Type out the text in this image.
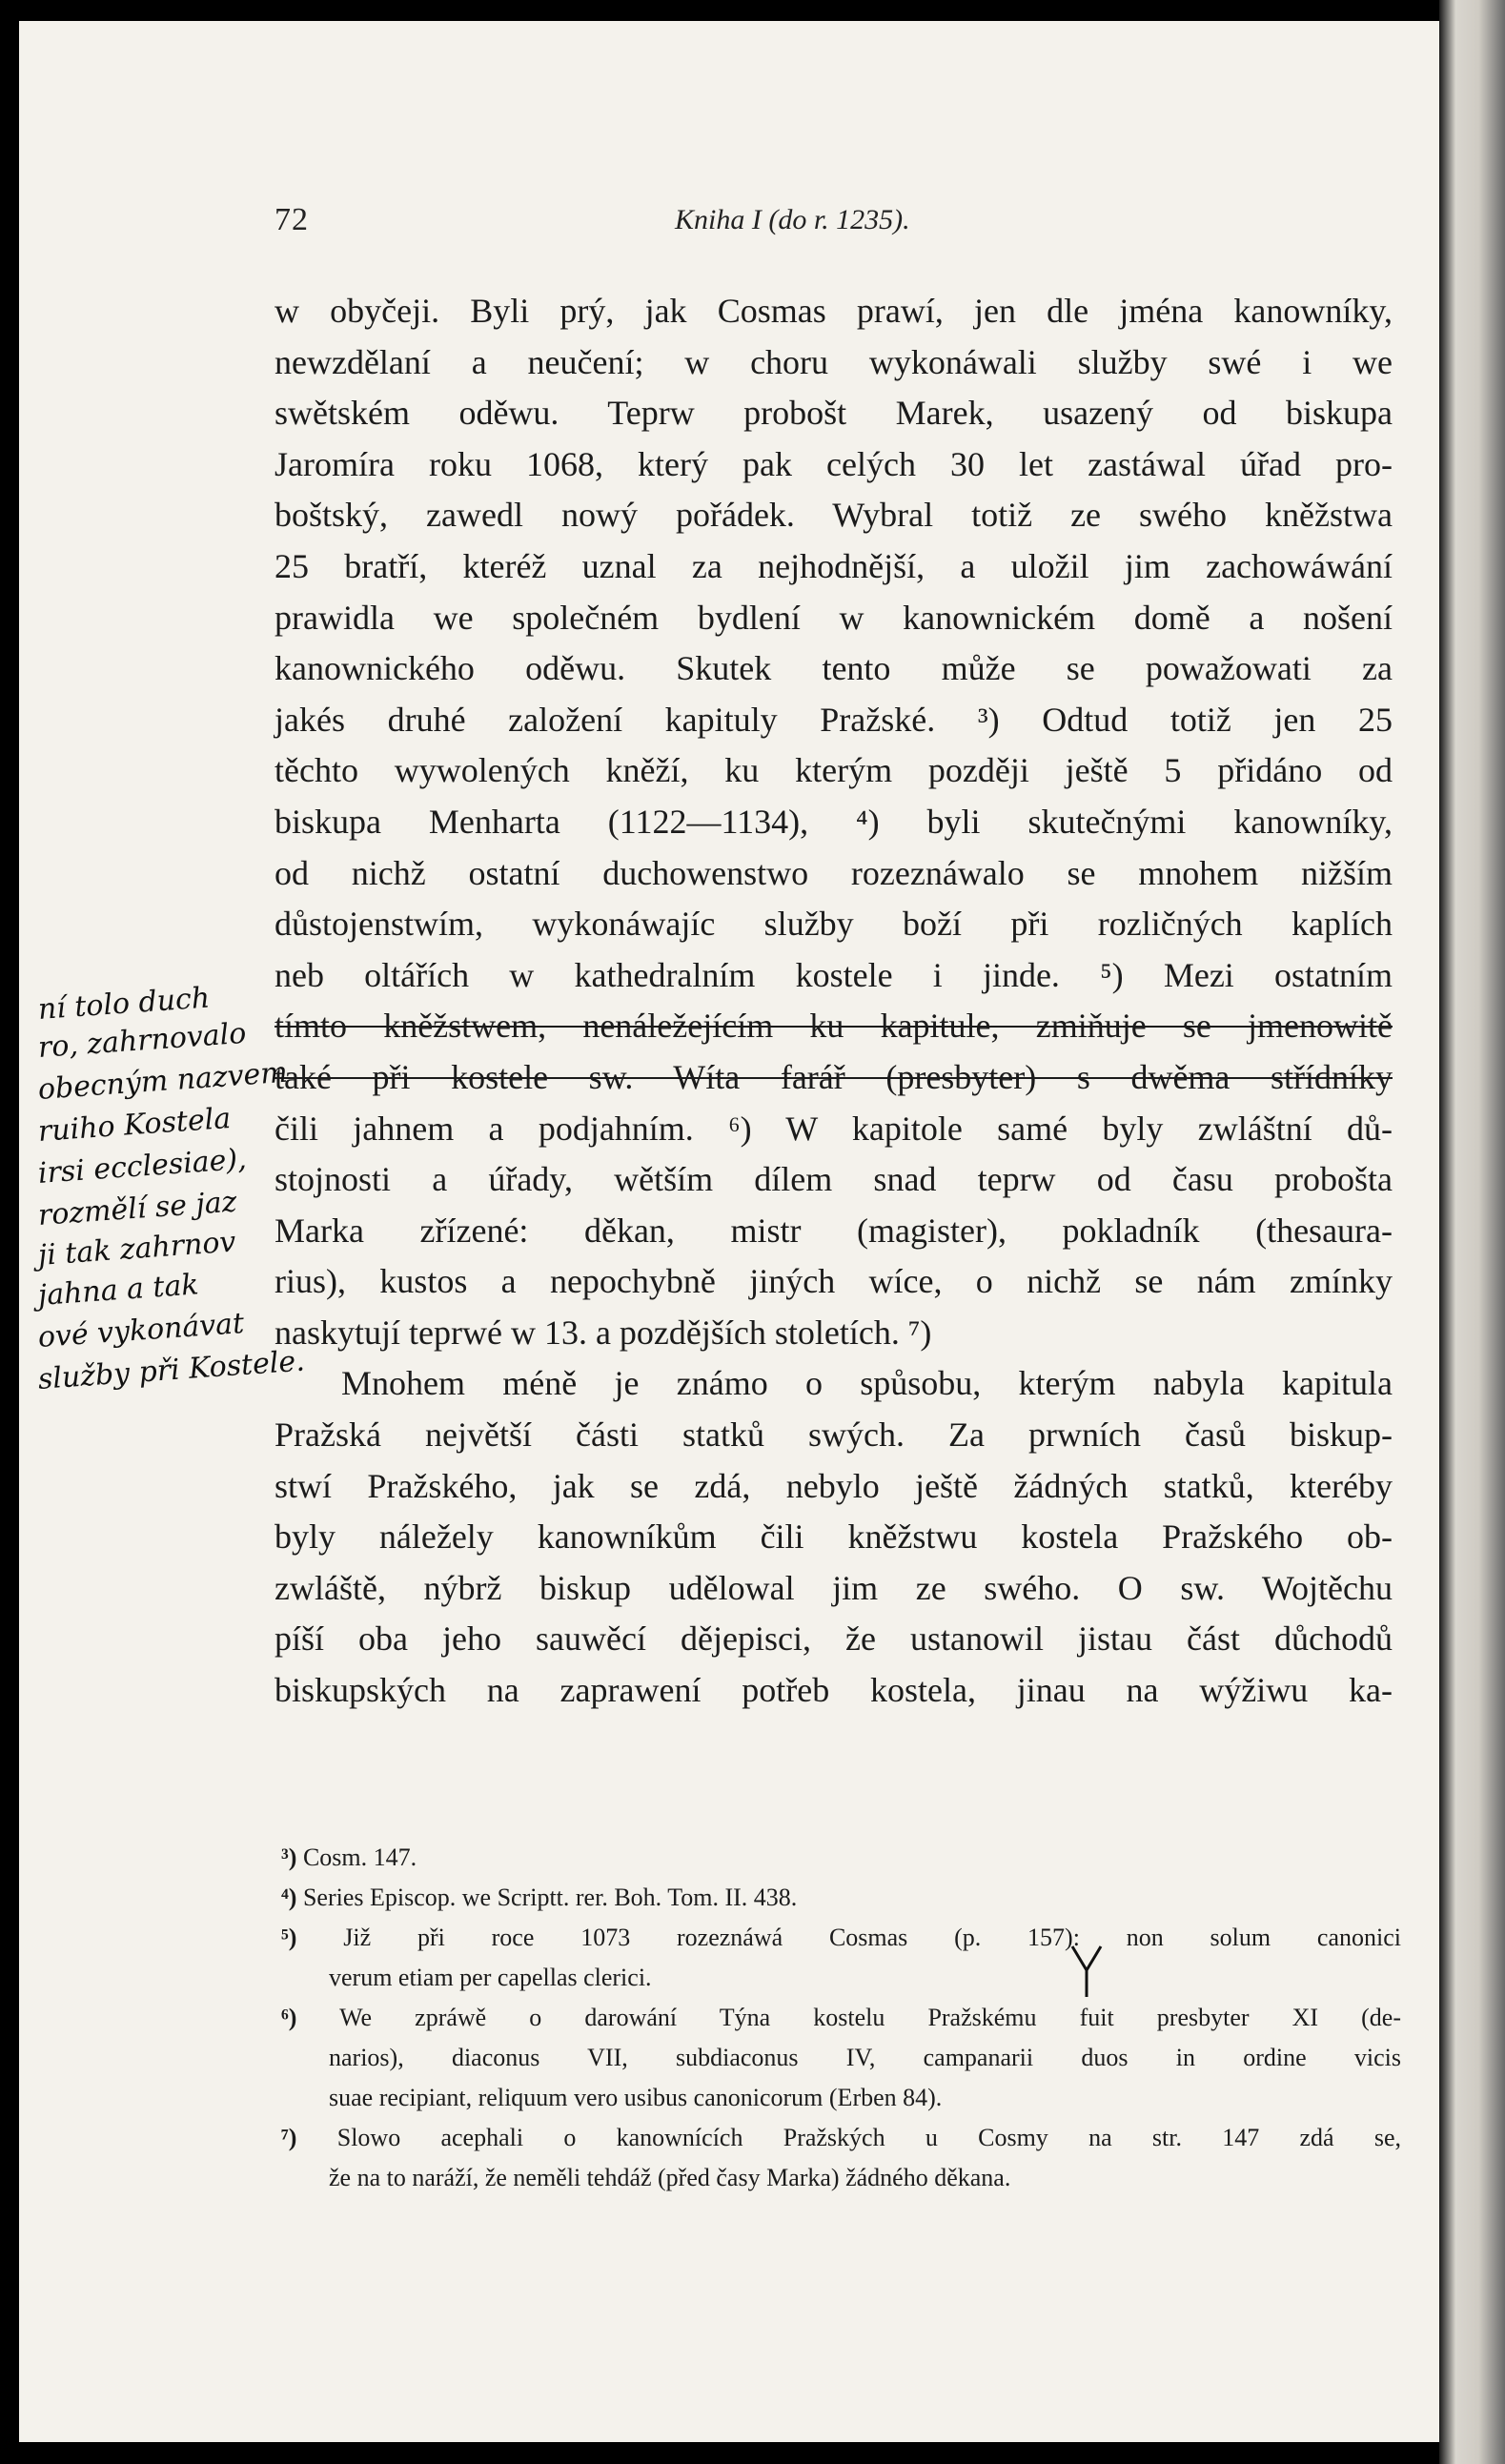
72	Kniha I (do r. 1235).
w obyčeji. Byli prý, jak Cosmas prawí, jen dle jména kanowníky,
newzdělaní a neučení; w choru wykonáwali služby swé i we
swětském oděwu. Teprw probošt Marek, usazený od biskupa
Jaromíra roku 1068, který pak celých 30 let zastáwal úřad pro-
boštský, zawedl nowý pořádek. Wybral totiž ze swého kněžstwa
25 bratří, kteréž uznal za nejhodnější, a uložil jim zachowáwání
prawidla we společném bydlení w kanownickém domě a nošení
kanownického oděwu. Skutek tento může se powažowati za
jakés druhé založení kapituly Pražské. ³) Odtud totiž jen 25
těchto wywolených kněží, ku kterým později ještě 5 přidáno od
biskupa Menharta (1122—1134), ⁴) byli skutečnými kanowníky,
od nichž ostatní duchowenstwo rozeznáwalo se mnohem nižším
důstojenstwím, wykonáwajíc služby boží při rozličných kaplích
neb oltářích w kathedralním kostele i jinde. ⁵) Mezi ostatním
tímto kněžstwem, nenáležejícím ku kapitule, zmiňuje se jmenowitě
také při kostele sw. Wíta farář (presbyter) s dwěma střídníky
čili jahnem a podjahním. ⁶) W kapitole samé byly zwláštní dů-
stojnosti a úřady, wětším dílem snad teprw od času probošta
Marka zřízené: děkan, mistr (magister), pokladník (thesaura-
rius), kustos a nepochybně jiných wíce, o nichž se nám zmínky
naskytují teprwé w 13. a pozdějších stoletích. ⁷)
Mnohem méně je známo o spůsobu, kterým nabyla kapitula
Pražská největší části statků swých. Za prwních časů biskup-
stwí Pražského, jak se zdá, nebylo ještě žádných statků, kteréby
byly náležely kanowníkům čili kněžstwu kostela Pražského ob-
zwláště, nýbrž biskup udělowal jim ze swého. O sw. Wojtěchu
píší oba jeho sauwěcí dějepisci, že ustanowil jistau část důchodů
biskupských na zaprawení potřeb kostela, jinau na wýžiwu ka-
³) Cosm. 147.
⁴) Series Episcop. we Scriptt. rer. Boh. Tom. II. 438.
⁵) Již při roce 1073 rozeznáwá Cosmas (p. 157): non solum canonici
verum etiam per capellas clerici.
⁶) We zpráwě o darowání Týna kostelu Pražskému fuit presbyter XI (de-
narios), diaconus VII, subdiaconus IV, campanarii duos in ordine vicis
suae recipiant, reliquum vero usibus canonicorum (Erben 84).
⁷) Slowo acephali o kanownících Pražských u Cosmy na str. 147 zdá se,
že na to naráží, že neměli tehdáž (před časy Marka) žádného děkana.
ní tolo duch
ro, zahrnovalo
obecným nazvem
ruiho Kostela
irsi ecclesiae),
rozmělí se jaz
ji tak zahrnov
jahna a tak
ové vykonávat
služby při Kostele.
